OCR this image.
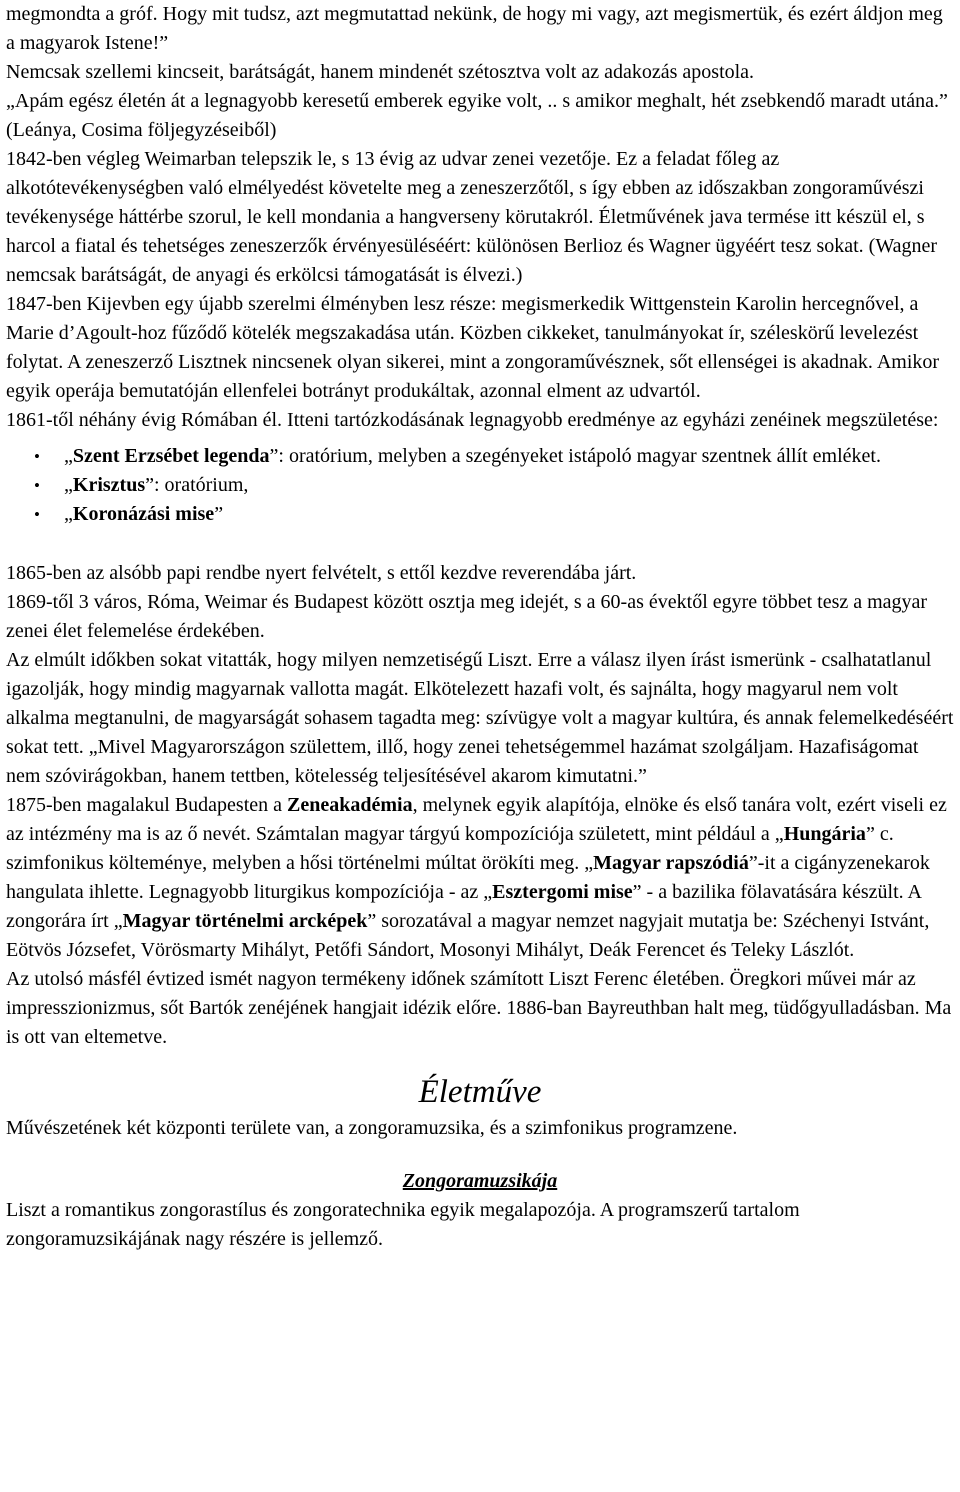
megmondta a gróf. Hogy mit tudsz, azt megmutattad nekünk, de hogy mi vagy, azt megismertük, és ezért áldjon meg a magyarok Istene!”

Nemcsak szellemi kincseit, barátságát, hanem mindenét szétosztva volt az adakozás apostola.

„Apám egész életén át a legnagyobb keresetű emberek egyike volt, .. s amikor meghalt, hét zsebkendő maradt utána.” (Leánya, Cosima följegyzéseiből)

1842-ben végleg Weimarban telepszik le, s 13 évig az udvar zenei vezetője. Ez a feladat főleg az alkotótevékenységben való elmélyedést követelte meg a zeneszerzőtől, s így ebben az időszakban zongoraművészi tevékenysége háttérbe szorul, le kell mondania a hangverseny körutakról. Életművének java termése itt készül el, s harcol a fiatal és tehetséges zeneszerzők érvényesüléséért: különösen Berlioz és Wagner ügyéért tesz sokat. (Wagner nemcsak barátságát, de anyagi és erkölcsi támogatását is élvezi.)

1847-ben Kijevben egy újabb szerelmi élményben lesz része: megismerkedik Wittgenstein Karolin hercegnővel, a Marie d’Agoult-hoz fűződő kötelék megszakadása után. Közben cikkeket, tanulmányokat ír, széleskörű levelezést folytat. A zeneszerző Lisztnek nincsenek olyan sikerei, mint a zongoraművésznek, sőt ellenségei is akadnak. Amikor egyik operája bemutatóján ellenfelei botrányt produkáltak, azonnal elment az udvartól.

1861-től néhány évig Rómában él. Itteni tartózkodásának legnagyobb eredménye az egyházi zenéinek megszületése:

• „Szent Erzsébet legenda”: oratórium, melyben a szegényeket istápoló magyar szentnek állít emléket.
• „Krisztus”: oratórium,
• „Koronázási mise”

1865-ben az alsóbb papi rendbe nyert felvételt, s ettől kezdve reverendába járt.

1869-től 3 város, Róma, Weimar és Budapest között osztja meg idejét, s a 60-as évektől egyre többet tesz a magyar zenei élet felemelése érdekében.

Az elmúlt időkben sokat vitatták, hogy milyen nemzetiségű Liszt. Erre a válasz ilyen írást ismerünk - csalhatatlanul igazolják, hogy mindig magyarnak vallotta magát. Elkötelezett hazafi volt, és sajnálta, hogy magyarul nem volt alkalma megtanulni, de magyarságát sohasem tagadta meg: szívügye volt a magyar kultúra, és annak felemelkedéséért sokat tett. „Mivel Magyarországon születtem, illő, hogy zenei tehetségemmel hazámat szolgáljam. Hazafiságomat nem szóvirágokban, hanem tettben, kötelesség teljesítésével akarom kimutatni.”

1875-ben magalakul Budapesten a Zeneakadémia, melynek egyik alapítója, elnöke és első tanára volt, ezért viseli ez az intézmény ma is az ő nevét. Számtalan magyar tárgyú kompozíciója született, mint például a „Hungária” c. szimfonikus költeménye, melyben a hősi történelmi múltat örökíti meg. „Magyar rapszódiá”-it a cigányzenekarok hangulata ihlette. Legnagyobb liturgikus kompozíciója - az „Esztergomi mise” - a bazilika fölavatására készült. A zongorára írt „Magyar történelmi arcképek” sorozatával a magyar nemzet nagyjait mutatja be: Széchenyi Istvánt, Eötvös Józsefet, Vörösmarty Mihályt, Petőfi Sándort, Mosonyi Mihályt, Deák Ferencet és Teleky Lászlót.

Az utolsó másfél évtized ismét nagyon termékeny időnek számított Liszt Ferenc életében. Öregkori művei már az impresszionizmus, sőt Bartók zenéjének hangjait idézik előre. 1886-ban Bayreuthban halt meg, tüdőgyulladásban. Ma is ott van eltemetve.

Életműve

Művészetének két központi területe van, a zongoramuzsika, és a szimfonikus programzene.

Zongoramuzsikája

Liszt a romantikus zongorastílus és zongoratechnika egyik megalapozója. A programszerű tartalom zongoramuzsikájának nagy részére is jellemző.
